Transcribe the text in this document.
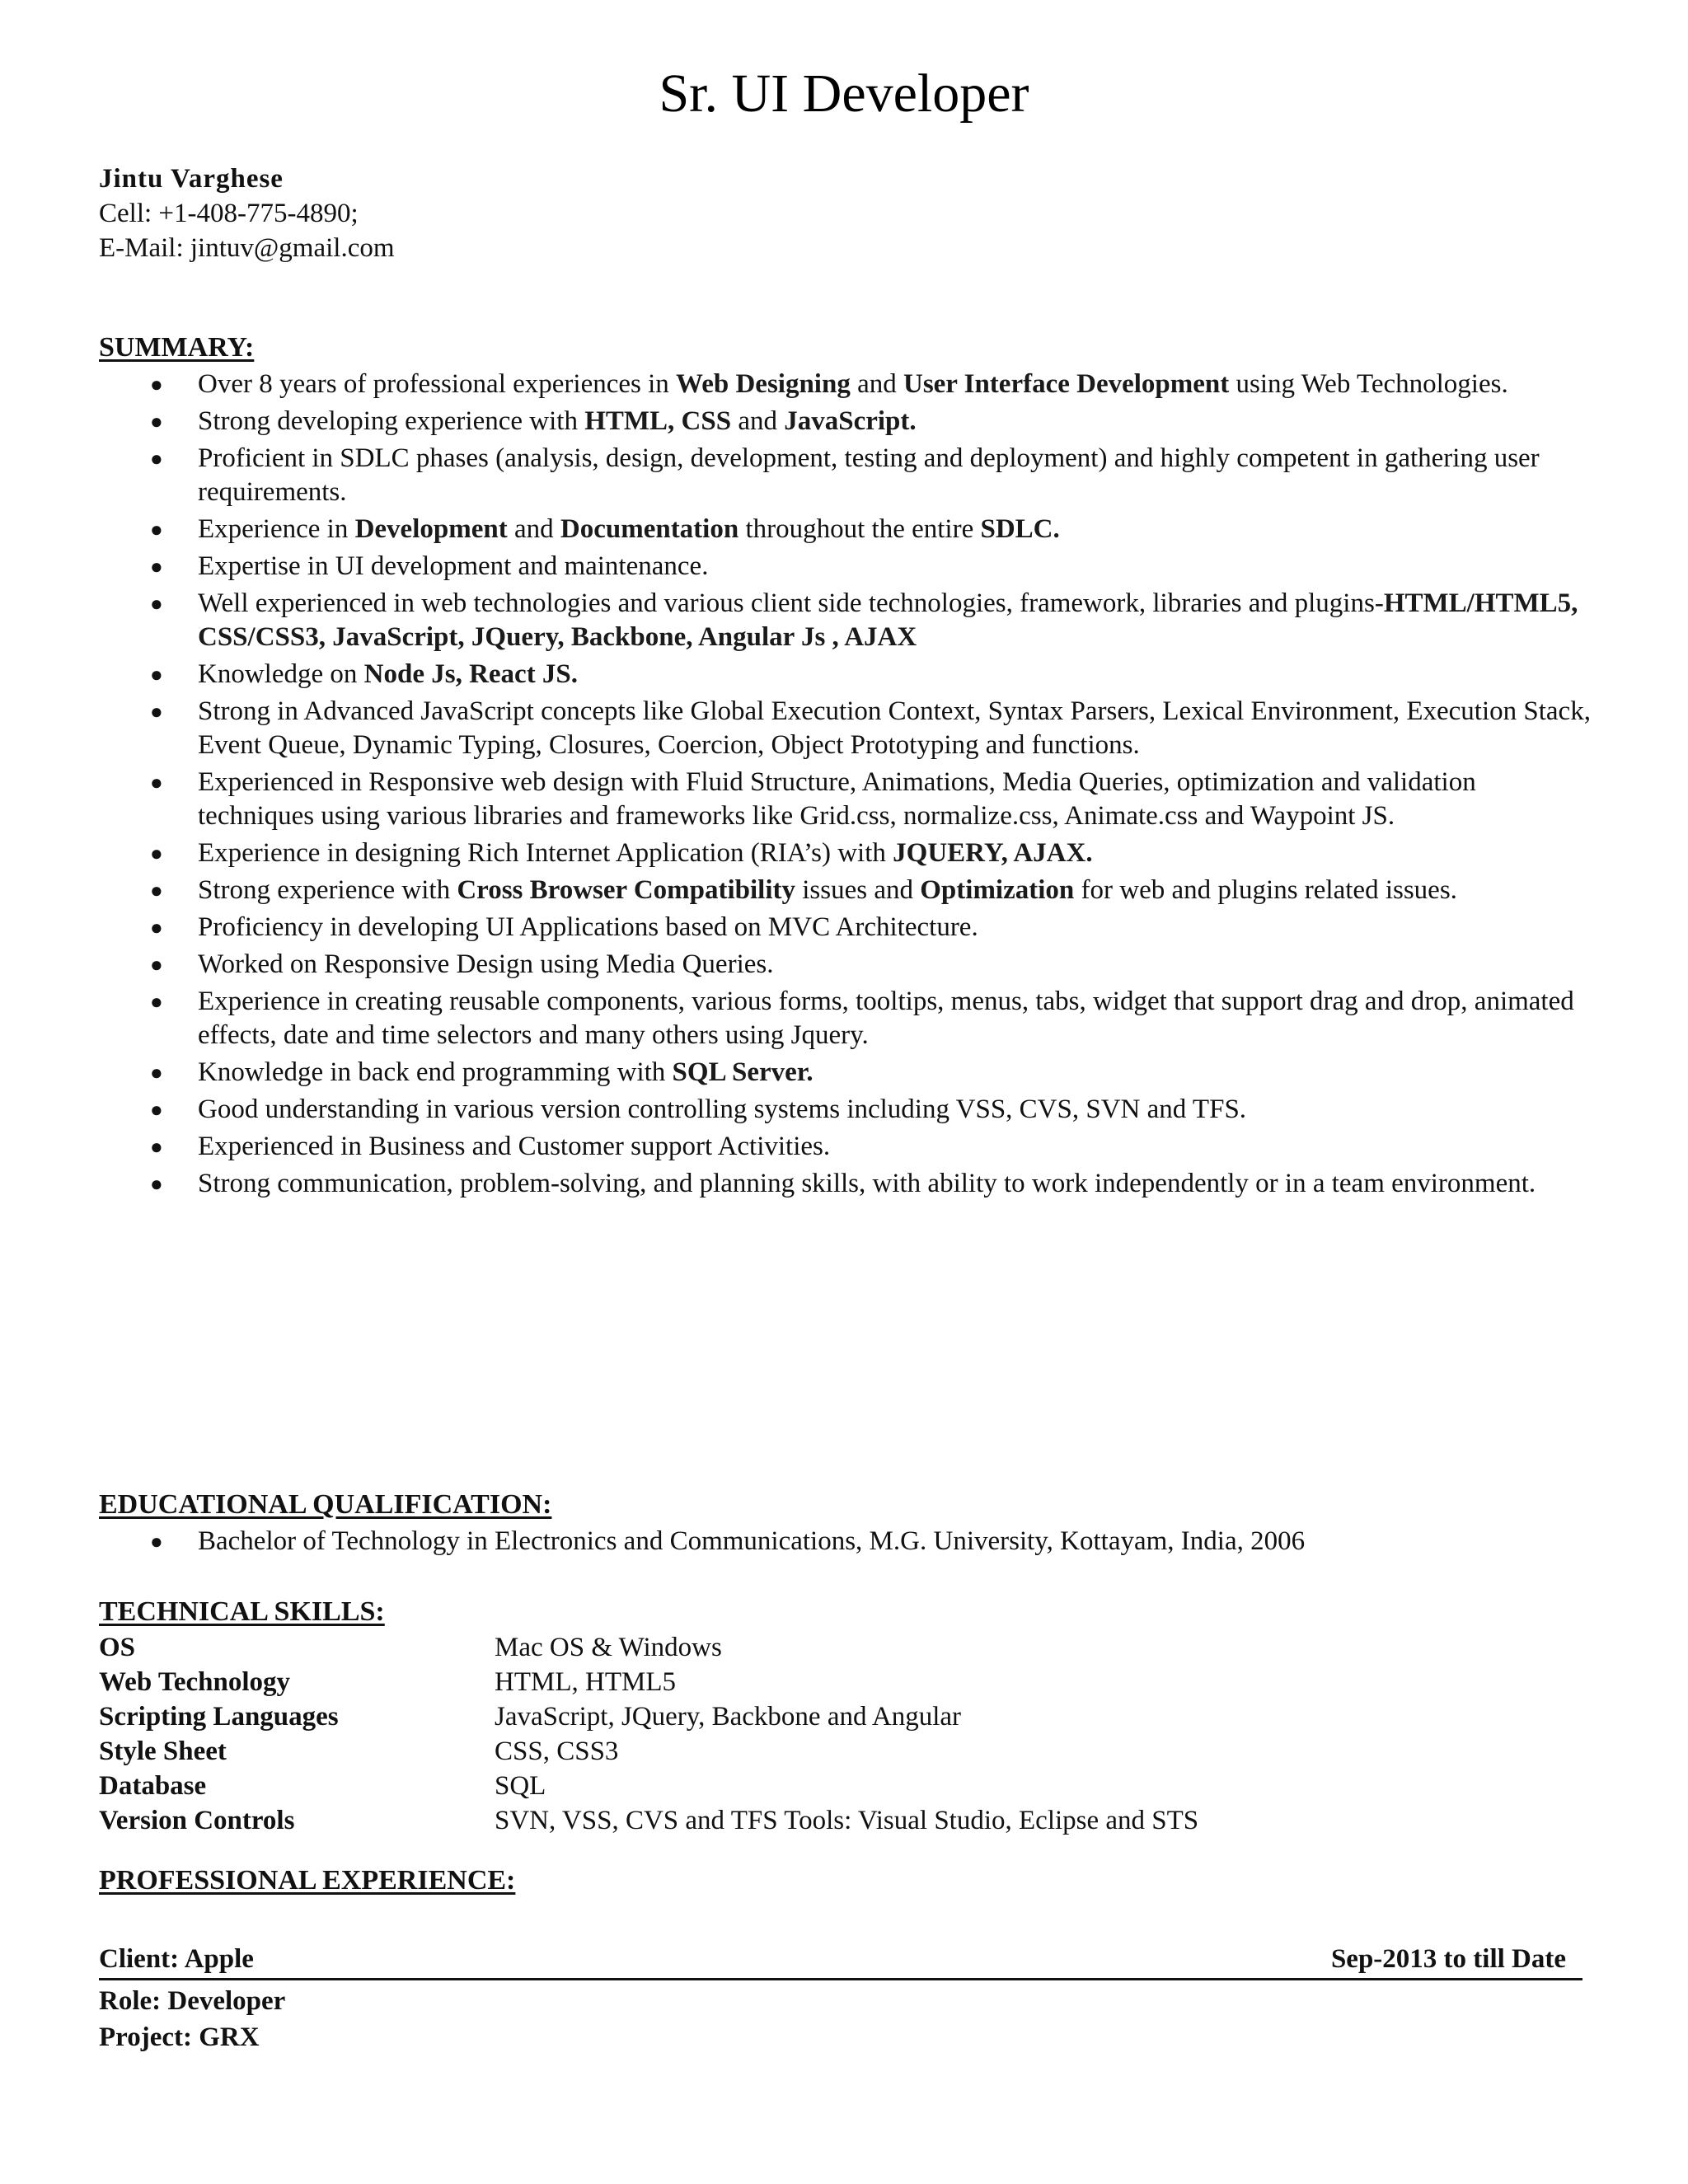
Sr. UI Developer
Jintu Varghese
Cell: +1-408-775-4890;
E-Mail: jintuv@gmail.com
SUMMARY:
● Over 8 years of professional experiences in Web Designing and User Interface Development using Web Technologies.
● Strong developing experience with HTML, CSS and JavaScript.
● Proficient in SDLC phases (analysis, design, development, testing and deployment) and highly competent in gathering user requirements.
● Experience in Development and Documentation throughout the entire SDLC.
● Expertise in UI development and maintenance.
● Well experienced in web technologies and various client side technologies, framework, libraries and plugins-HTML/HTML5, CSS/CSS3, JavaScript, JQuery, Backbone, Angular Js , AJAX
● Knowledge on Node Js, React JS.
● Strong in Advanced JavaScript concepts like Global Execution Context, Syntax Parsers, Lexical Environment, Execution Stack, Event Queue, Dynamic Typing, Closures, Coercion, Object Prototyping and functions.
● Experienced in Responsive web design with Fluid Structure, Animations, Media Queries, optimization and validation techniques using various libraries and frameworks like Grid.css, normalize.css, Animate.css and Waypoint JS.
● Experience in designing Rich Internet Application (RIA’s) with JQUERY, AJAX.
● Strong experience with Cross Browser Compatibility issues and Optimization for web and plugins related issues.
● Proficiency in developing UI Applications based on MVC Architecture.
● Worked on Responsive Design using Media Queries.
● Experience in creating reusable components, various forms, tooltips, menus, tabs, widget that support drag and drop, animated effects, date and time selectors and many others using Jquery.
● Knowledge in back end programming with SQL Server.
● Good understanding in various version controlling systems including VSS, CVS, SVN and TFS.
● Experienced in Business and Customer support Activities.
● Strong communication, problem-solving, and planning skills, with ability to work independently or in a team environment.
EDUCATIONAL QUALIFICATION:
● Bachelor of Technology in Electronics and Communications, M.G. University, Kottayam, India, 2006
TECHNICAL SKILLS:
OS	Mac OS & Windows
Web Technology	HTML, HTML5
Scripting Languages	JavaScript, JQuery, Backbone and Angular
Style Sheet	CSS, CSS3
Database	SQL
Version Controls	SVN, VSS, CVS and TFS Tools: Visual Studio, Eclipse and STS
PROFESSIONAL EXPERIENCE:
Client: Apple	Sep-2013 to till Date
Role: Developer
Project: GRX
